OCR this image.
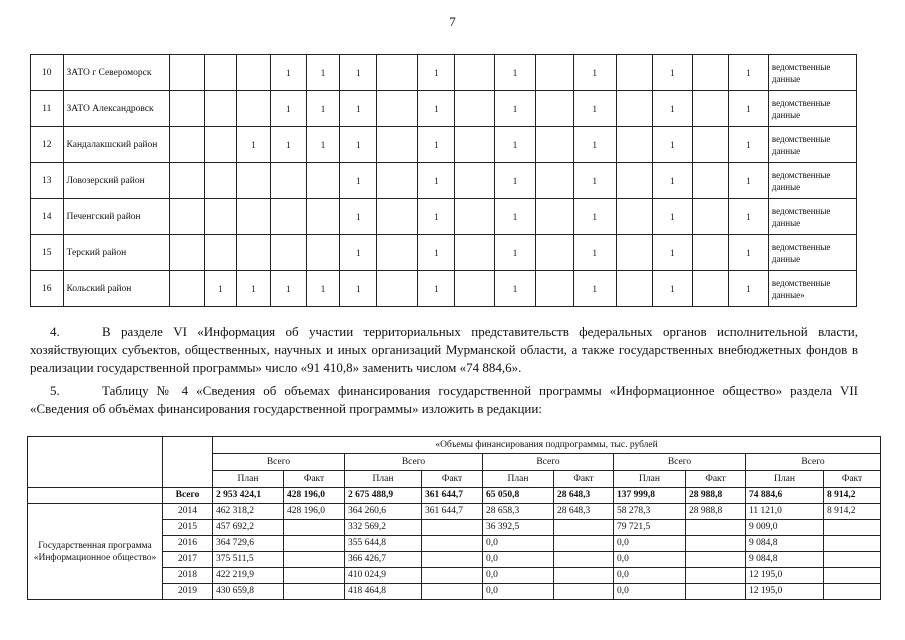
7
10	ЗАТО г Североморск				1	1	1		1		1		1		1		1	ведомственные данные
11	ЗАТО Александровск				1	1	1		1		1		1		1		1	ведомственные данные
12	Кандалакшский район			1	1	1	1		1		1		1		1		1	ведомственные данные
13	Ловозерский район						1		1		1		1		1		1	ведомственные данные
14	Печенгский район						1		1		1		1		1		1	ведомственные данные
15	Терский район						1		1		1		1		1		1	ведомственные данные
16	Кольский район		1	1	1	1	1		1		1		1		1		1	ведомственные данные»
4.	В разделе VI «Информация об участии территориальных представительств федеральных органов исполнительной власти, хозяйствующих субъектов, общественных, научных и иных организаций Мурманской области, а также государственных внебюджетных фондов в реализации государственной программы» число «91 410,8» заменить числом «74 884,6».
5.	Таблицу № 4 «Сведения об объемах финансирования государственной программы «Информационное общество» раздела VII «Сведения об объёмах финансирования государственной программы» изложить в редакции:
		«Объемы финансирования подпрограммы, тыс. рублей									
		Всего		Всего		Всего		Всего		Всего	
		План	Факт	План	Факт	План	Факт	План	Факт	План	Факт
	Всего	2 953 424,1	428 196,0	2 675 488,9	361 644,7	65 050,8	28 648,3	137 999,8	28 988,8	74 884,6	8 914,2
Государственная программа «Информационное общество»	2014	462 318,2	428 196,0	364 260,6	361 644,7	28 658,3	28 648,3	58 278,3	28 988,8	11 121,0	8 914,2
	2015	457 692,2		332 569,2		36 392,5		79 721,5		9 009,0	
	2016	364 729,6		355 644,8		0,0		0,0		9 084,8	
	2017	375 511,5		366 426,7		0,0		0,0		9 084,8	
	2018	422 219,9		410 024,9		0,0		0,0		12 195,0	
	2019	430 659,8		418 464,8		0,0		0,0		12 195,0	
